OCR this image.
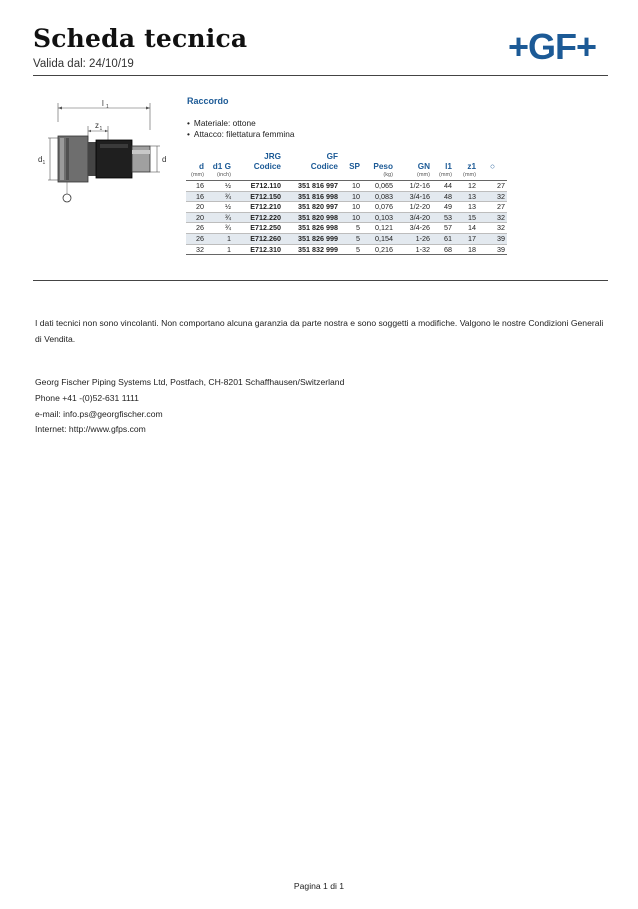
Scheda tecnica
Valida dal: 24/10/19	+GF+
l 1
z 1
d 1	d
Raccordo
• Materiale: ottone
• Attacco: filettatura femmina
d	d1 G	JRG
Codice	GF
Codice	SP	Peso	GN	l1	z1	○
(mm)	(inch)				(kg)	(mm)	(mm)	(mm)	
16	½	E712.110	351 816 997	10	0,065	1/2-16	44	12	27
16	¾	E712.150	351 816 998	10	0,083	3/4-16	48	13	32
20	½	E712.210	351 820 997	10	0,076	1/2-20	49	13	27
20	¾	E712.220	351 820 998	10	0,103	3/4-20	53	15	32
26	¾	E712.250	351 826 998	5	0,121	3/4-26	57	14	32
26	1	E712.260	351 826 999	5	0,154	1-26	61	17	39
32	1	E712.310	351 832 999	5	0,216	1-32	68	18	39

I dati tecnici non sono vincolanti. Non comportano alcuna garanzia da parte nostra e sono soggetti a modifiche. Valgono le nostre Condizioni Generali di Vendita.

Georg Fischer Piping Systems Ltd, Postfach, CH-8201 Schaffhausen/Switzerland
Phone +41 -(0)52-631 1111
e-mail: info.ps@georgfischer.com
Internet: http://www.gfps.com
Pagina 1 di 1
